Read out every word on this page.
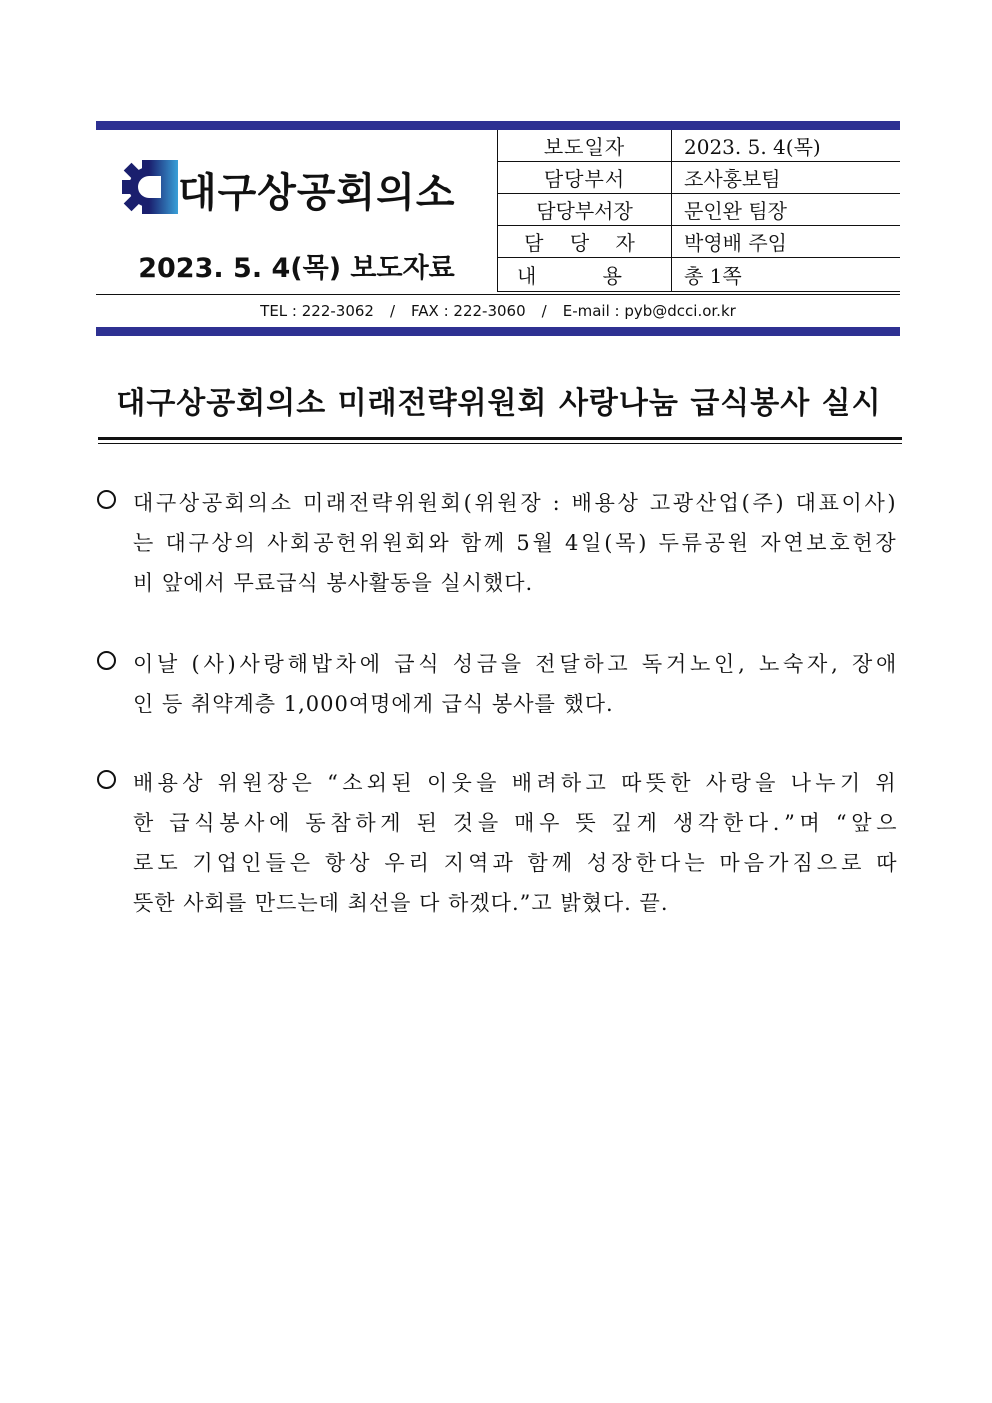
대구상공회의소
2023. 5. 4(목) 보도자료
보도일자	2023. 5. 4(목)
담당부서	조사홍보팀
담당부서장	문인완 팀장
담 당 자	박영배 주임
내 용	총 1쪽
TEL : 222-3062 / FAX : 222-3060 / E-mail : pyb@dcci.or.kr
대구상공회의소 미래전략위원회 사랑나눔 급식봉사 실시
대구상공회의소 미래전략위원회(위원장 : 배용상 고광산업(주) 대표이사)
는 대구상의 사회공헌위원회와 함께 5월 4일(목) 두류공원 자연보호헌장
비 앞에서 무료급식 봉사활동을 실시했다.
이날 (사)사랑해밥차에 급식 성금을 전달하고 독거노인, 노숙자, 장애
인 등 취약계층 1,000여명에게 급식 봉사를 했다.
배용상 위원장은 “소외된 이웃을 배려하고 따뜻한 사랑을 나누기 위
한 급식봉사에 동참하게 된 것을 매우 뜻 깊게 생각한다.”며 “앞으
로도 기업인들은 항상 우리 지역과 함께 성장한다는 마음가짐으로 따
뜻한 사회를 만드는데 최선을 다 하겠다.”고 밝혔다. 끝.
